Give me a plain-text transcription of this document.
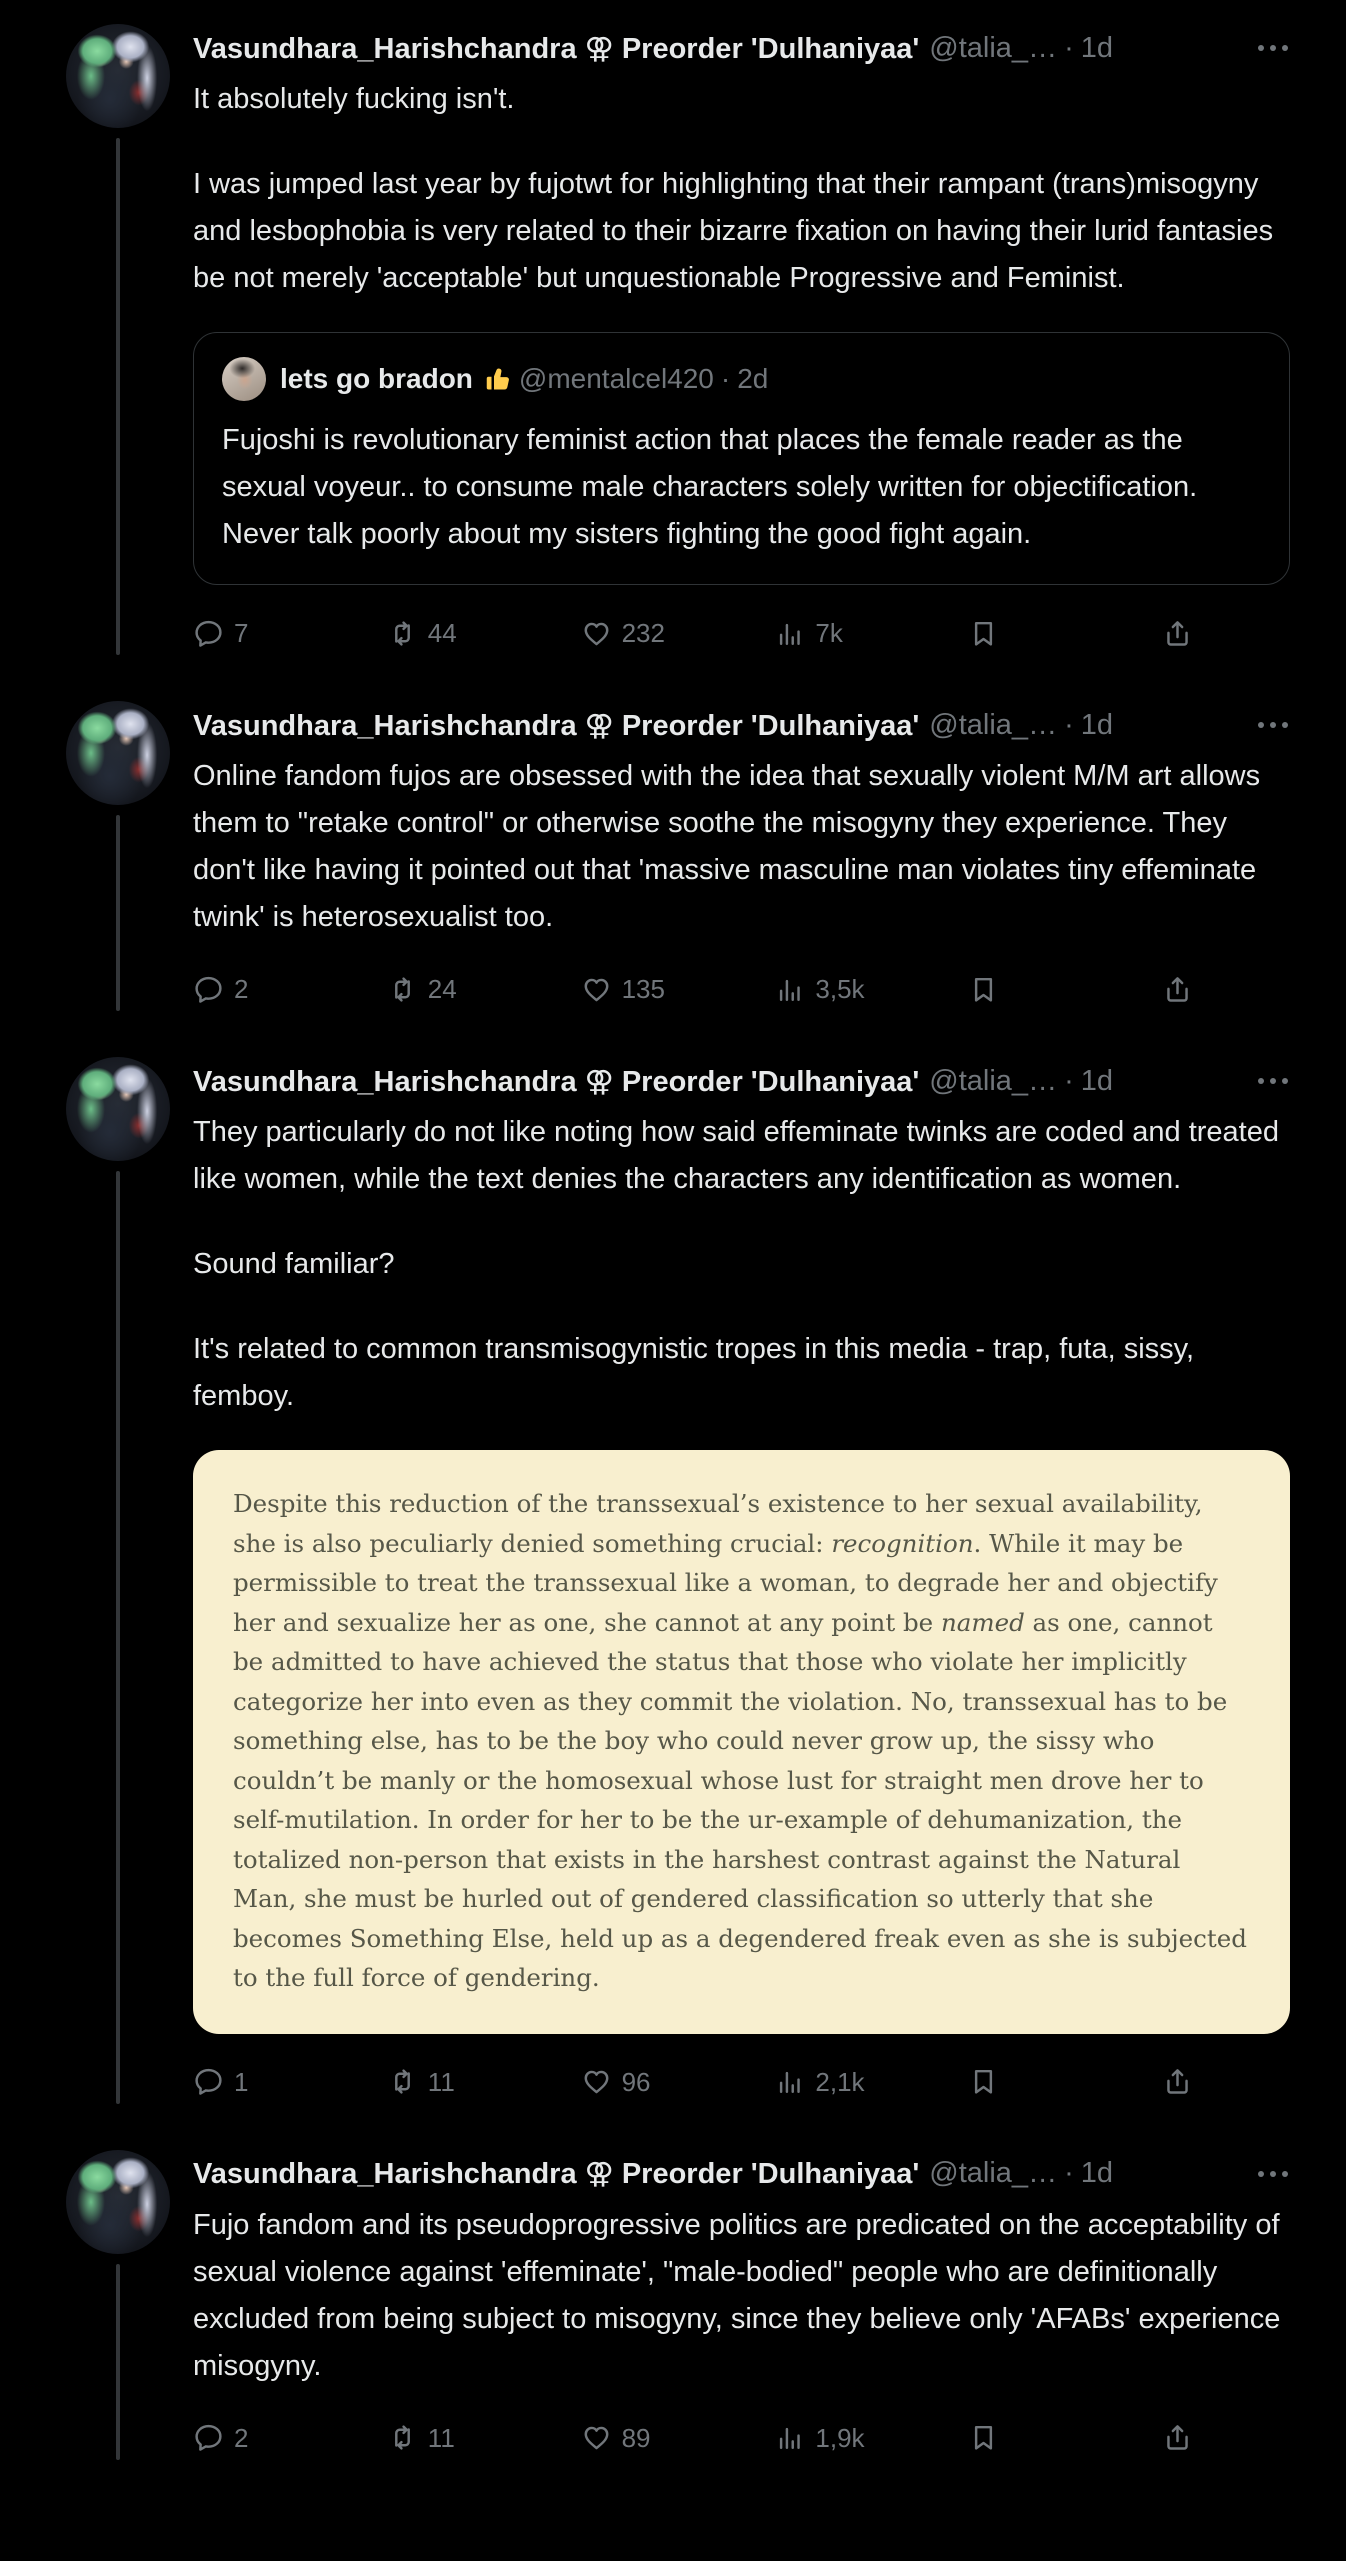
Vasundhara_Harishchandra ⚢ Preorder 'Dulhaniyaa' @talia_… · 1d

It absolutely fucking isn't.

I was jumped last year by fujotwt for highlighting that their rampant (trans)misogyny and lesbophobia is very related to their bizarre fixation on having their lurid fantasies be not merely 'acceptable' but unquestionable Progressive and Feminist.

lets go bradon @mentalcel420 · 2d

Fujoshi is revolutionary feminist action that places the female reader as the sexual voyeur.. to consume male characters solely written for objectification. Never talk poorly about my sisters fighting the good fight again.

7	44	232	7k
Vasundhara_Harishchandra ⚢ Preorder 'Dulhaniyaa' @talia_… · 1d

Online fandom fujos are obsessed with the idea that sexually violent M/M art allows them to "retake control" or otherwise soothe the misogyny they experience. They don't like having it pointed out that 'massive masculine man violates tiny effeminate twink' is heterosexualist too.

2	24	135	3,5k
Vasundhara_Harishchandra ⚢ Preorder 'Dulhaniyaa' @talia_… · 1d

They particularly do not like noting how said effeminate twinks are coded and treated like women, while the text denies the characters any identification as women.

Sound familiar?

It's related to common transmisogynistic tropes in this media - trap, futa, sissy, femboy.

Despite this reduction of the transsexual’s existence to her sexual availability, she is also peculiarly denied something crucial: recognition. While it may be permissible to treat the transsexual like a woman, to degrade her and objectify her and sexualize her as one, she cannot at any point be named as one, cannot be admitted to have achieved the status that those who violate her implicitly categorize her into even as they commit the violation. No, transsexual has to be something else, has to be the boy who could never grow up, the sissy who couldn’t be manly or the homosexual whose lust for straight men drove her to self-mutilation. In order for her to be the ur-example of dehumanization, the totalized non-person that exists in the harshest contrast against the Natural Man, she must be hurled out of gendered classification so utterly that she becomes Something Else, held up as a degendered freak even as she is subjected to the full force of gendering.
1	11	96	2,1k
Vasundhara_Harishchandra ⚢ Preorder 'Dulhaniyaa' @talia_… · 1d

Fujo fandom and its pseudoprogressive politics are predicated on the acceptability of sexual violence against 'effeminate', "male-bodied" people who are definitionally excluded from being subject to misogyny, since they believe only 'AFABs' experience misogyny.

2	11	89	1,9k
